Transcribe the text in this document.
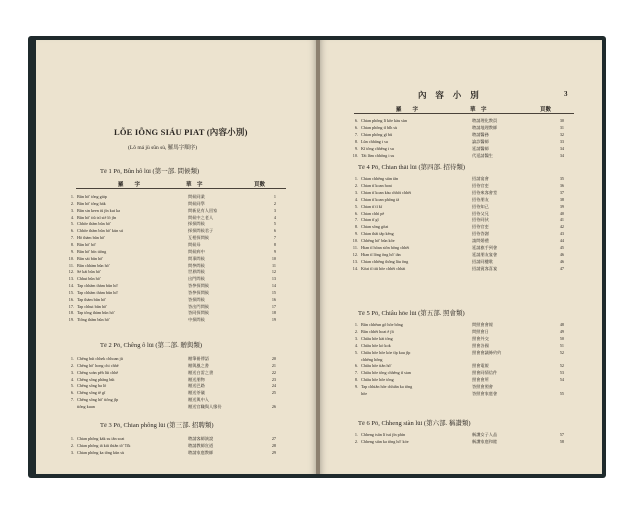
LÕE IÕNG SIÁU PIAT (內容小別)
(Lõ má jü sûn sù, 羅馬字順序)
Tē 1 Pō, Bûn hô lūi (第一部. 問候類)
羅　　字	華　字	頁數
1. Bûn hō′ tông giáp	問候同業	1
2. Bûn hō′ tông hák	問候同學	2
3. Bûn sin keen iū jîn kut ka	問新見有人回家	3
4. Bûn hō′ tiû tsî siē lō jîn	問候中之老人	4
5. Chhōe thām bûn hō′	採探問候	5
6. Chhōe thām bûn hō′ kün sú	採探問候君子	6
7. Hō thàm bûn hō′	互相探問候	7
8. Bûn hō′ bō′	問候母	8
9. Bûn hō′ bīn tiông	問候病中	9
10. Bûn sái bûn hō′	問事問候	10
11. Bûn chhàm bûn hō′	問參問候	11
12. Sè kái bûn hō′	世界問候	12
13. Chhut bûn hō′	出門問候	13
14. Tap chhām thàm bûn hō′	答參探問候	14
15. Tap chhām thàm bûn hō′	答參探問候	15
16. Tap thàm bûn hō′	答探問候	16
17. Tap chhut bûn hō′	答出門問候	17
18. Tap tông thàm bûn hō′	答同探問候	18
19. Tiông thām bûn hō′	中探問候	19
Tē 2 Pō, Chêng ô lūi (第二部. 贈與類)
1. Chêng bút chhek chhoan jū	贈筆冊傳語	20
2. Chêng hō′ hong chi chhē	贈與風之書	21
3. Chêng soàn pêh lûi chhê	贈送白雷之書	22
4. Chêng sông phâng bût	贈送朋物	23
5. Chêng sông ba lô	贈送巴路	24
6. Chêng sông tê gî	贈送茶儀	25
7. Chêng sông hō′ tiông jîp	贈送與中入
tiông kuan	贈送官職與人緣份	26
Tē 3 Pō, Chian phông lūi (第三部. 招聘類)
1. Chian phông kák su iân soat	聘請客師演說	27
2. Chian phông iā kiû thiân tô′ Tīk	聘請教師宣道	28
3. Chian phông ka tông kūn sù	聘請家庭教師	29
內　容　小　別	3
羅　　字	華　字	頁數
6. Chian phông lī kôe kàu sùn	聘請理化教員	30
6. Chian phông tî bîh sù	聘請地理教師	31
7. Chian phông gî bū	聘請醫務	32
8. Lûn chhâng i su	論診醫師	33
9. Kî tông chhêng i su	延請醫師	34
10. Tāi lâm chhông i su	代延請醫生	34
Tē 4 Pō, Chian thāi lūi (第四部. 招待類)
1. Chian chhêng siàn iân	招請宴會	35
2. Chian tī koan hoat	招待官吏	36
3. Chian tī koan kàu chhôi chhêi	招待來客會堂	37
4. Chian tī koan phông iā	招待朋友	38
5. Chian tī tī kī	招待知己	39
6. Chian chhì pē	招待父兄	40
7. Chian tî gî	招待同伙	41
8. Chian sông gōat	招待官吏	42
9. Chian thāi tâp kēng	招待答謝	43
10. Chhêng hô′ bûn kōe	請問婚禮	44
11. Hian tī hōan siôn hông chhêi	延請旗手到會	45
12. Hian tī lông ông hô′ iân	延請朋友宴會	46
13. Chian chhêng thông lâu ông	招請同樓歌	46
14. Kōai tī tiū hōe chhêi chhài	招請賓客喜宴	47
Tē 5 Pō, Chiâu hōe lūi (第五部. 照會類)
1. Bûn chhêun gô hōe bông	問照會會報	48
2. Bûn chhêt hoat ê jît	問照會日	49
3. Chiâu hōe kài tōng	照會外交	50
4. Chiâu hōe kò kok	照會各國	51
5. Chiâu hōe hōe kòe tîp kau jîp	照會會議條約約	52
chhêng hông
6. Chiâu hōe tiân hō′	照會電報	52
7. Chiâu hōe tông chhêng tī sian	照會同情信件	53
8. Chiâu hōe hôe tông	照會會所	54
9. Tap chhiân hōe chhiân ka tông	答照會照會
hōe	答照會家庭會	55
Tē 6 Pō, Chheng siàn lūi (第六部. 稱讚類)
1. Chheng tsân lī tsú jîn phìn	稱讚女子人品	57
2. Chheng siàn ka tông hō′ kóe	稱讚家庭和睦	58
